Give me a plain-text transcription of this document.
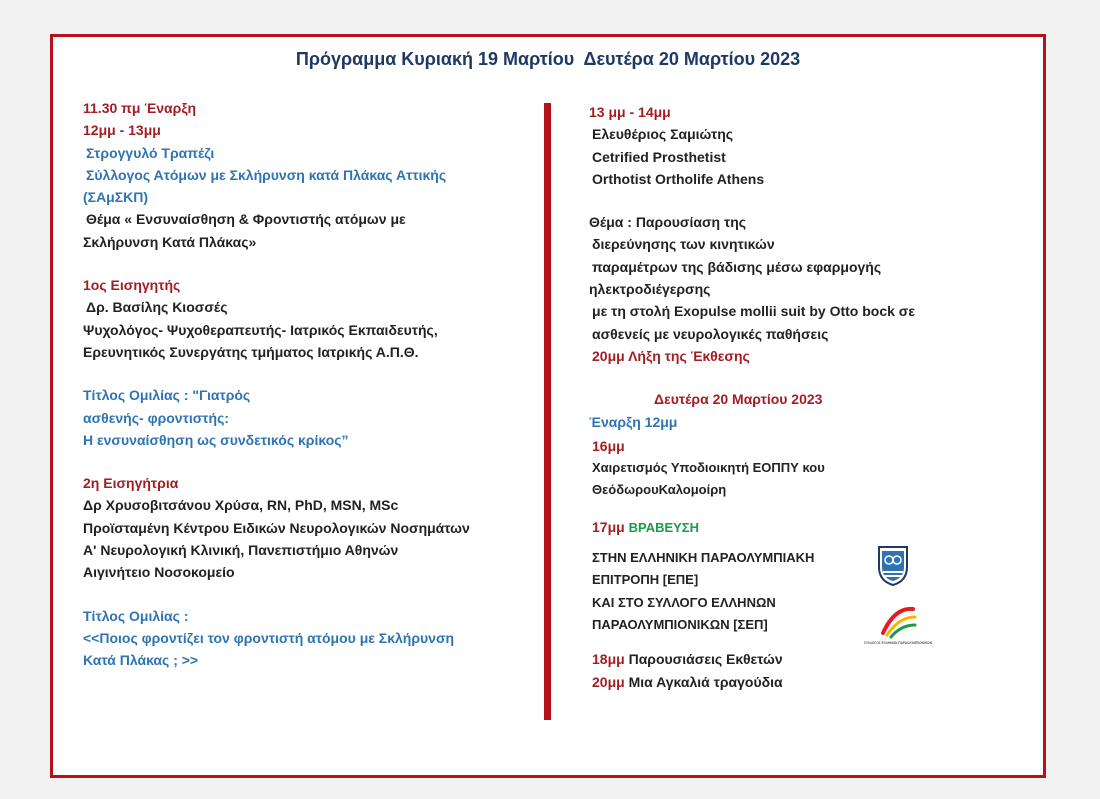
Πρόγραμμα Κυριακή 19 Μαρτίου  Δευτέρα 20 Μαρτίου 2023
11.30 πμ Έναρξη
12μμ - 13μμ
Στρογγυλό Τραπέζι
Σύλλογος Ατόμων με Σκλήρυνση κατά Πλάκας Αττικής
(ΣΑμΣΚΠ)
Θέμα « Ενσυναίσθηση & Φροντιστής ατόμων με
Σκλήρυνση Κατά Πλάκας»
1ος Εισηγητής
Δρ. Βασίλης Κιοσσές
Ψυχολόγος- Ψυχοθεραπευτής- Ιατρικός Εκπαιδευτής,
Ερευνητικός Συνεργάτης τμήματος Ιατρικής Α.Π.Θ.
Τίτλος Ομιλίας : "Γιατρός
ασθενής- φροντιστής:
Η ενσυναίσθηση ως συνδετικός κρίκος”
2η Εισηγήτρια
Δρ Χρυσοβιτσάνου Χρύσα, RN, PhD, MSN, MSc
Προϊσταμένη Κέντρου Ειδικών Νευρολογικών Νοσημάτων
Α' Νευρολογική Κλινική, Πανεπιστήμιο Αθηνών
Αιγινήτειο Νοσοκομείο
Τίτλος Ομιλίας :
<<Ποιος φροντίζει τον φροντιστή ατόμου με Σκλήρυνση
Κατά Πλάκας ; >>
13 μμ - 14μμ
Ελευθέριος Σαμιώτης
Cetrified Prosthetist
Orthotist Ortholife Athens
Θέμα : Παρουσίαση της
διερεύνησης των κινητικών
παραμέτρων της βάδισης μέσω εφαρμογής
ηλεκτροδιέγερσης
με τη στολή Exopulse mollii suit by Otto bock σε
ασθενείς με νευρολογικές παθήσεις
20μμ Λήξη της Έκθεσης
Δευτέρα 20 Μαρτίου 2023
Έναρξη 12μμ
16μμ
Χαιρετισμός Υποδιοικητή ΕΟΠΠΥ κου
ΘεόδωρουΚαλομοίρη
17μμ ΒΡΑΒΕΥΣΗ
ΣΤΗΝ ΕΛΛΗΝΙΚΗ ΠΑΡΑΟΛΥΜΠΙΑΚΗ
ΕΠΙΤΡΟΠΗ [ΕΠΕ]
ΚΑΙ ΣΤΟ ΣΥΛΛΟΓΟ ΕΛΛΗΝΩΝ
ΠΑΡΑΟΛΥΜΠΙΟΝΙΚΩΝ [ΣΕΠ]
ΣΥΛΛΟΓΟΣ ΕΛΛΗΝΩΝ ΠΑΡΑΟΛΥΜΠΙΟΝΙΚΩΝ
18μμ Παρουσιάσεις Εκθετών
20μμ Μια Αγκαλιά τραγούδια
